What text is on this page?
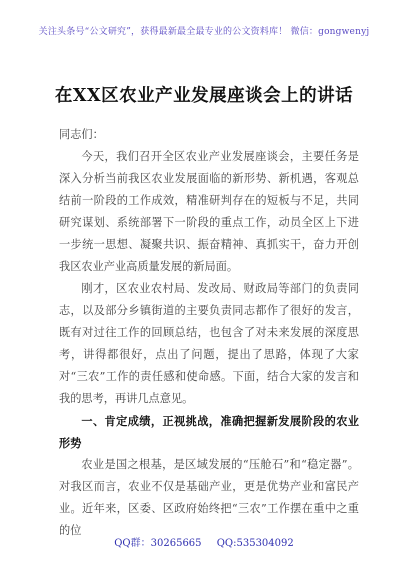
关注头条号“公文研究”，获得最新最全最专业的公文资料库！ 微信：gongwenyj
在XX区农业产业发展座谈会上的讲话

同志们：

今天，我们召开全区农业产业发展座谈会，主要任务是深入分析当前我区农业发展面临的新形势、新机遇，客观总结前一阶段的工作成效，精准研判存在的短板与不足，共同研究谋划、系统部署下一阶段的重点工作，动员全区上下进一步统一思想、凝聚共识、振奋精神、真抓实干，奋力开创我区农业产业高质量发展的新局面。

刚才，区农业农村局、发改局、财政局等部门的负责同志，以及部分乡镇街道的主要负责同志都作了很好的发言，既有对过往工作的回顾总结，也包含了对未来发展的深度思考，讲得都很好，点出了问题，提出了思路，体现了大家对“三农”工作的责任感和使命感。下面，结合大家的发言和我的思考，再讲几点意见。

一、肯定成绩，正视挑战，准确把握新发展阶段的农业形势

农业是国之根基，是区域发展的“压舱石”和“稳定器”。对我区而言，农业不仅是基础产业，更是优势产业和富民产业。近年来，区委、区政府始终把“三农”工作摆在重中之重的位

QQ群：30265665 QQ:535304092
